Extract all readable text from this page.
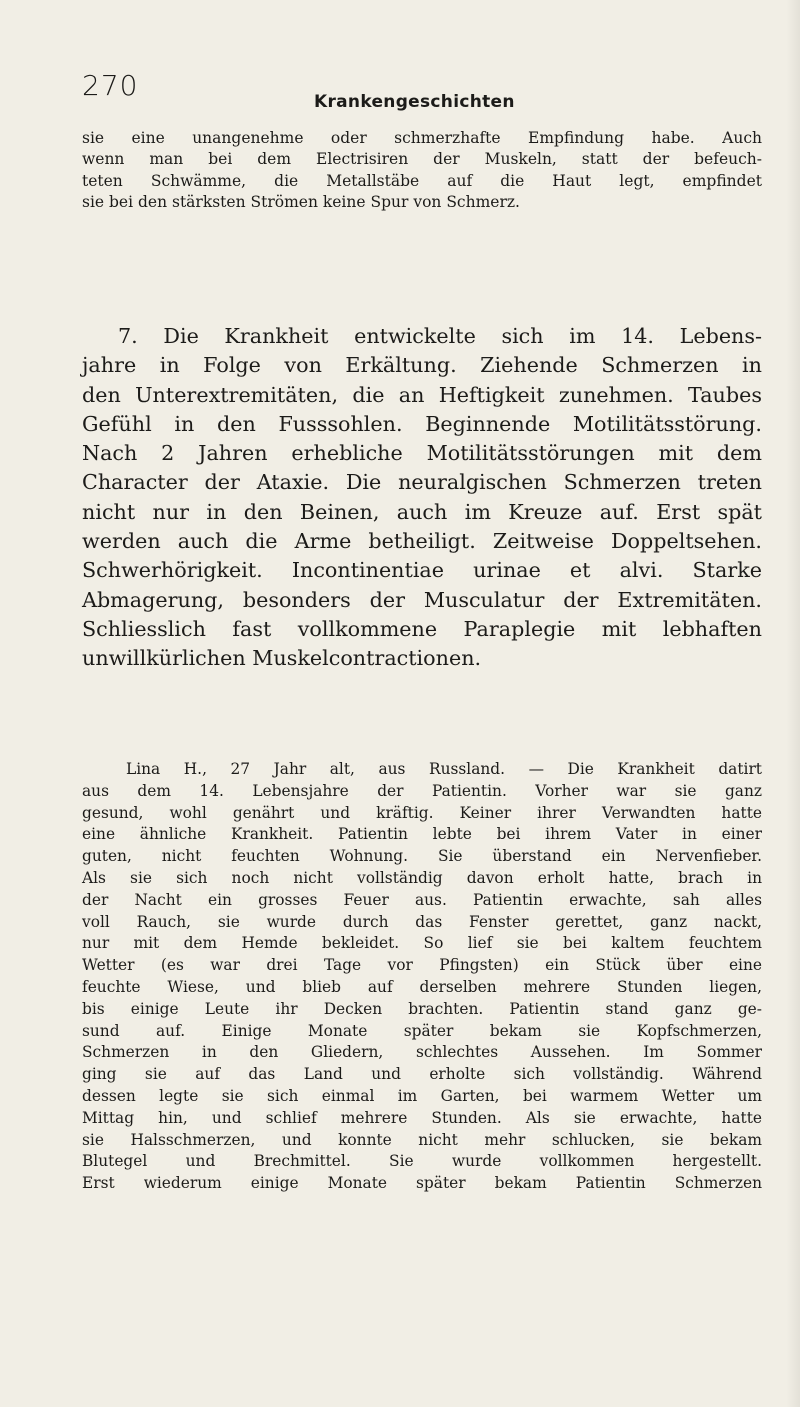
270	Krankengeschichten
sie eine unangenehme oder schmerzhafte Empfindung habe. Auch
wenn man bei dem Electrisiren der Muskeln, statt der befeuch-
teten Schwämme, die Metallstäbe auf die Haut legt, empfindet
sie bei den stärksten Strömen keine Spur von Schmerz.
7. Die Krankheit entwickelte sich im 14. Lebens-
jahre in Folge von Erkältung. Ziehende Schmerzen in
den Unterextremitäten, die an Heftigkeit zunehmen. Taubes
Gefühl in den Fusssohlen. Beginnende Motilitätsstörung.
Nach 2 Jahren erhebliche Motilitätsstörungen mit dem
Character der Ataxie. Die neuralgischen Schmerzen treten
nicht nur in den Beinen, auch im Kreuze auf. Erst spät
werden auch die Arme betheiligt. Zeitweise Doppeltsehen.
Schwerhörigkeit. Incontinentiae urinae et alvi. Starke
Abmagerung, besonders der Musculatur der Extremitäten.
Schliesslich fast vollkommene Paraplegie mit lebhaften
unwillkürlichen Muskelcontractionen.
Lina H., 27 Jahr alt, aus Russland. — Die Krankheit datirt
aus dem 14. Lebensjahre der Patientin. Vorher war sie ganz
gesund, wohl genährt und kräftig. Keiner ihrer Verwandten hatte
eine ähnliche Krankheit. Patientin lebte bei ihrem Vater in einer
guten, nicht feuchten Wohnung. Sie überstand ein Nervenfieber.
Als sie sich noch nicht vollständig davon erholt hatte, brach in
der Nacht ein grosses Feuer aus. Patientin erwachte, sah alles
voll Rauch, sie wurde durch das Fenster gerettet, ganz nackt,
nur mit dem Hemde bekleidet. So lief sie bei kaltem feuchtem
Wetter (es war drei Tage vor Pfingsten) ein Stück über eine
feuchte Wiese, und blieb auf derselben mehrere Stunden liegen,
bis einige Leute ihr Decken brachten. Patientin stand ganz ge-
sund auf. Einige Monate später bekam sie Kopfschmerzen,
Schmerzen in den Gliedern, schlechtes Aussehen. Im Sommer
ging sie auf das Land und erholte sich vollständig. Während
dessen legte sie sich einmal im Garten, bei warmem Wetter um
Mittag hin, und schlief mehrere Stunden. Als sie erwachte, hatte
sie Halsschmerzen, und konnte nicht mehr schlucken, sie bekam
Blutegel und Brechmittel. Sie wurde vollkommen hergestellt.
Erst wiederum einige Monate später bekam Patientin Schmerzen
